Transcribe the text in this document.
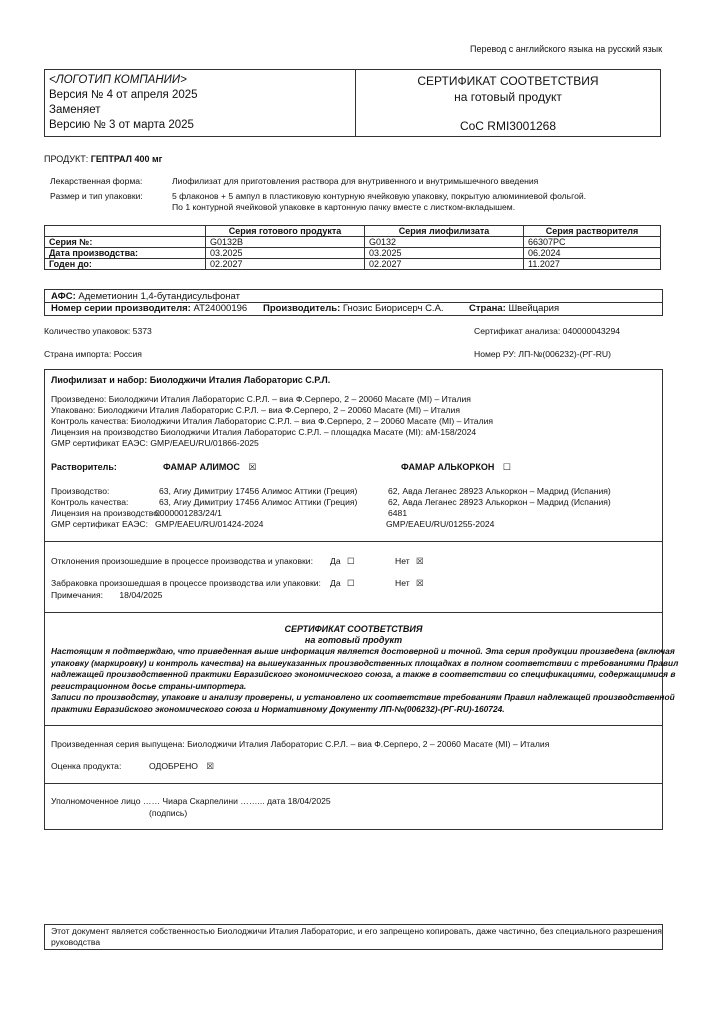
Перевод с английского языка на русский язык
<ЛОГОТИП КОМПАНИИ>
Версия № 4 от апреля 2025
Заменяет
Версию № 3 от марта 2025

СЕРТИФИКАТ СООТВЕТСТВИЯ
на готовый продукт
CoC RMI3001268
ПРОДУКТ: ГЕПТРАЛ 400 мг
Лекарственная форма:	Лиофилизат для приготовления раствора для внутривенного и внутримышечного введения
Размер и тип упаковки:	5 флаконов + 5 ампул в пластиковую контурную ячейковую упаковку, покрытую алюминиевой фольгой.
По 1 контурной ячейковой упаковке в картонную пачку вместе с листком-вкладышем.
	Серия готового продукта	Серия лиофилизата	Серия растворителя
Серия №:	G0132B	G0132	66307PC
Дата производства:	03.2025	03.2025	06.2024
Годен до:	02.2027	02.2027	11.2027
АФС: Адеметионин 1,4-бутандисульфонат
Номер серии производителя: AT24000196 Производитель: Гнозис Биорисерч С.А.	Страна: Швейцария
Количество упаковок: 5373	Сертификат анализа: 040000043294
Страна импорта: Россия	Номер РУ: ЛП-№(006232)-(РГ-RU)
Лиофилизат и набор: Биолоджичи Италия Лабораторис С.Р.Л.
Произведено: Биолоджичи Италия Лабораторис С.Р.Л. – виа Ф.Серперо, 2 – 20060 Масате (MI) – Италия
Упаковано: Биолоджичи Италия Лабораторис С.Р.Л. – виа Ф.Серперо, 2 – 20060 Масате (MI) – Италия
Контроль качества: Биолоджичи Италия Лабораторис С.Р.Л. – виа Ф.Серперо, 2 – 20060 Масате (MI) – Италия
Лицензия на производство Биолоджичи Италия Лабораторис С.Р.Л. – площадка Масате (MI): аМ-158/2024
GMP сертификат ЕАЭС: GMP/EAEU/RU/01866-2025
Растворитель:	ФАМАР АЛИМОС ☒	ФАМАР АЛЬКОРКОН ☐
Производство:	63, Агиу Димитриу 17456 Алимос Аттики (Греция)	62, Авда Леганес 28923 Алькоркон – Мадрид (Испания)
Контроль качества:	63, Агиу Димитриу 17456 Алимос Аттики (Греция)	62, Авда Леганес 28923 Алькоркон – Мадрид (Испания)
Лицензия на производство:
0000001283/24/1	6481
GMP сертификат ЕАЭС: GMP/EAEU/RU/01424-2024	GMP/EAEU/RU/01255-2024
Отклонения произошедшие в процессе производства и упаковки: Да ☐	Нет ☒
Забраковка произошедшая в процессе производства или упаковки: Да ☐	Нет ☒
Примечания: 18/04/2025
СЕРТИФИКАТ СООТВЕТСТВИЯ
на готовый продукт
Настоящим я подтверждаю, что приведенная выше информация является достоверной и точной. Эта серия продукции произведена (включая
упаковку (маркировку) и контроль качества) на вышеуказанных производственных площадках в полном соответствии с требованиями Правил
надлежащей производственной практики Евразийского экономического союза, а также в соответствии со спецификациями, содержащимися в
регистрационном досье страны-импортера.
Записи по производству, упаковке и анализу проверены, и установлено их соответствие требованиям Правил надлежащей производственной
практики Евразийского экономического союза и Нормативному Документу ЛП-№(006232)-(РГ-RU)-160724.
Произведенная серия выпущена: Биолоджичи Италия Лабораторис С.Р.Л. – виа Ф.Серперо, 2 – 20060 Масате (MI) – Италия
Оценка продукта:	ОДОБРЕНО ☒
Уполномоченное лицо …… Чиара Скарпелини ……... дата 18/04/2025
(подпись)
Этот документ является собственностью Биолоджичи Италия Лабораторис, и его запрещено копировать, даже частично, без специального разрешения
руководства
